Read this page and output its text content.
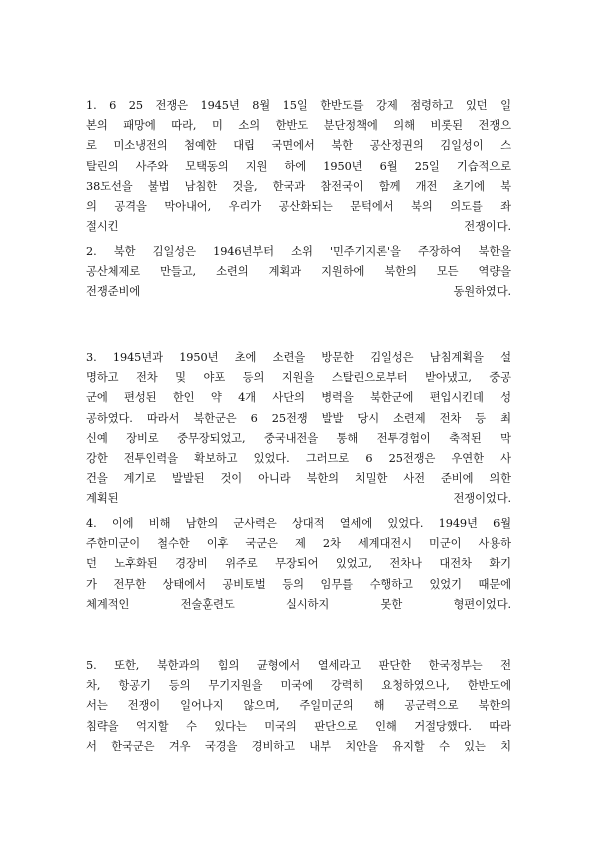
1. 6 25 전쟁은 1945년 8월 15일 한반도를 강제 점령하고 있던 일
본의 패망에 따라, 미 소의 한반도 분단정책에 의해 비롯된 전쟁으
로 미소냉전의 첨예한 대립 국면에서 북한 공산정권의 김일성이 스
탈린의 사주와 모택동의 지원 하에 1950년 6월 25일 기습적으로
38도선을 불법 남침한 것을, 한국과 참전국이 함께 개전 초기에 북
의 공격을 막아내어, 우리가 공산화되는 문턱에서 북의 의도를 좌
절시킨	전쟁이다.
2. 북한 김일성은 1946년부터 소위 '민주기지론'을 주장하여 북한을
공산체제로 만들고, 소련의 계획과 지원하에 북한의 모든 역량을
전쟁준비에	동원하였다.
3. 1945년과 1950년 초에 소련을 방문한 김일성은 남침계획을 설
명하고 전차 및 야포 등의 지원을 스탈린으로부터 받아냈고, 중공
군에 편성된 한인 약 4개 사단의 병력을 북한군에 편입시킨데 성
공하였다. 따라서 북한군은 6 25전쟁 발발 당시 소련제 전차 등 최
신예 장비로 중무장되었고, 중국내전을 통해 전투경험이 축적된 막
강한 전투인력을 확보하고 있었다. 그러므로 6 25전쟁은 우연한 사
건을 계기로 발발된 것이 아니라 북한의 치밀한 사전 준비에 의한
계획된	전쟁이었다.
4. 이에 비해 남한의 군사력은 상대적 열세에 있었다. 1949년 6월
주한미군이 철수한 이후 국군은 제 2차 세계대전시 미군이 사용하
던 노후화된 경장비 위주로 무장되어 있었고, 전차나 대전차 화기
가 전무한 상태에서 공비토벌 등의 임무를 수행하고 있었기 때문에
체계적인	전술훈련도	실시하지	못한	형편이었다.
5. 또한, 북한과의 힘의 균형에서 열세라고 판단한 한국정부는 전
차, 항공기 등의 무기지원을 미국에 강력히 요청하였으나, 한반도에
서는 전쟁이 일어나지 않으며, 주일미군의 해 공군력으로 북한의
침략을 억지할 수 있다는 미국의 판단으로 인해 거절당했다. 따라
서 한국군은 겨우 국경을 경비하고 내부 치안을 유지할 수 있는 치
